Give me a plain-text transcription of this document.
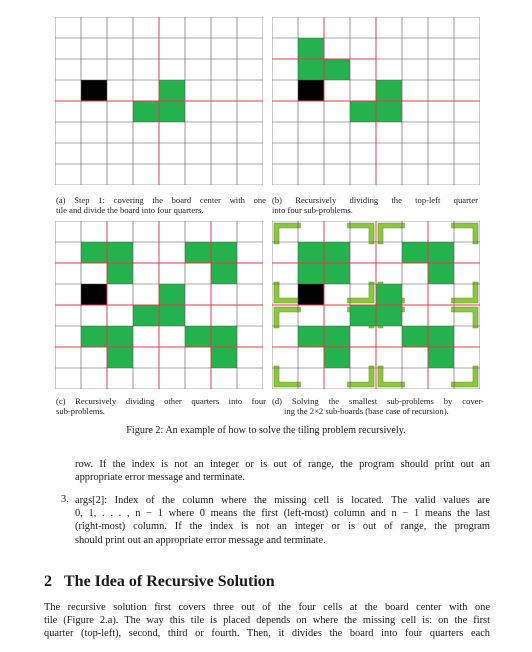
(a) Step 1: covering the board center with one
tile and divide the board into four quarters.
(b) Recursively dividing the top-left quarter
into four sub-problems.
(c) Recursively dividing other quarters into four
sub-problems.
(d) Solving the smallest sub-problems by cover-
ing the 2×2 sub-boards (base case of recursion).
Figure 2: An example of how to solve the tiling problem recursively.
row. If the index is not an integer or is out of range, the program should print out an
appropriate error message and terminate.
3. args[2]: Index of the column where the missing cell is located. The valid values are
0, 1, . . . , n − 1 where 0 means the first (left-most) column and n − 1 means the last
(right-most) column. If the index is not an integer or is out of range, the program
should print out an appropriate error message and terminate.
2 The Idea of Recursive Solution
The recursive solution first covers three out of the four cells at the board center with one
tile (Figure 2.a). The way this tile is placed depends on where the missing cell is: on the first
quarter (top-left), second, third or fourth. Then, it divides the board into four quarters each
